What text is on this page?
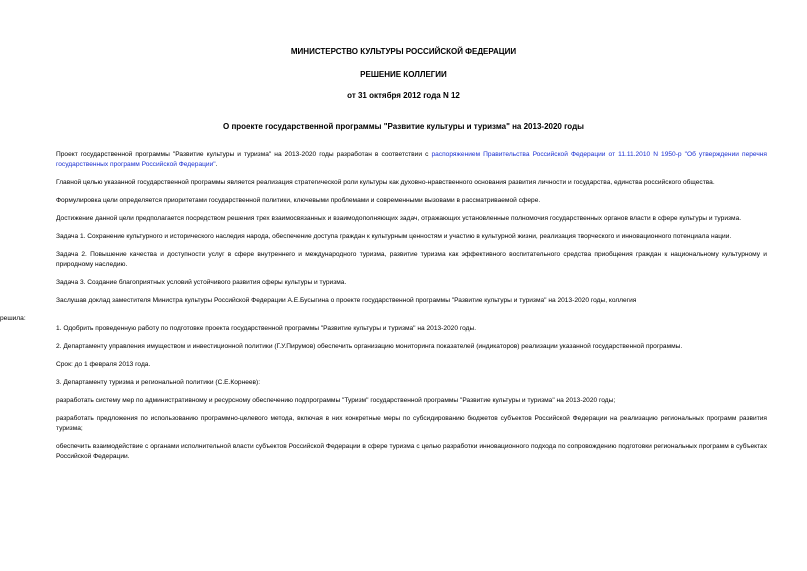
МИНИСТЕРСТВО КУЛЬТУРЫ РОССИЙСКОЙ ФЕДЕРАЦИИ
РЕШЕНИЕ КОЛЛЕГИИ
от 31 октября 2012 года N 12
О проекте государственной программы "Развитие культуры и туризма" на 2013-2020 годы

Проект государственной программы "Развитие культуры и туризма" на 2013-2020 годы разработан в соответствии с распоряжением Правительства Российской Федерации от 11.11.2010 N 1950-р "Об утверждении перечня государственных программ Российской Федерации".

Главной целью указанной государственной программы является реализация стратегической роли культуры как духовно-нравственного основания развития личности и государства, единства российского общества.

Формулировка цели определяется приоритетами государственной политики, ключевыми проблемами и современными вызовами в рассматриваемой сфере.

Достижение данной цели предполагается посредством решения трех взаимосвязанных и взаимодополняющих задач, отражающих установленные полномочия государственных органов власти в сфере культуры и туризма.

Задача 1. Сохранение культурного и исторического наследия народа, обеспечение доступа граждан к культурным ценностям и участию в культурной жизни, реализация творческого и инновационного потенциала нации.

Задача 2. Повышение качества и доступности услуг в сфере внутреннего и международного туризма, развитие туризма как эффективного воспитательного средства приобщения граждан к национальному культурному и природному наследию.

Задача 3. Создание благоприятных условий устойчивого развития сферы культуры и туризма.

Заслушав доклад заместителя Министра культуры Российской Федерации А.Е.Бусыгина о проекте государственной программы "Развитие культуры и туризма" на 2013-2020 годы, коллегия

решила:

1. Одобрить проведенную работу по подготовке проекта государственной программы "Развитие культуры и туризма" на 2013-2020 годы.

2. Департаменту управления имуществом и инвестиционной политики (Г.У.Пирумов) обеспечить организацию мониторинга показателей (индикаторов) реализации указанной государственной программы.

Срок: до 1 февраля 2013 года.

3. Департаменту туризма и региональной политики (С.Е.Корнеев):

разработать систему мер по административному и ресурсному обеспечению подпрограммы "Туризм" государственной программы "Развитие культуры и туризма" на 2013-2020 годы;

разработать предложения по использованию программно-целевого метода, включая в них конкретные меры по субсидированию бюджетов субъектов Российской Федерации на реализацию региональных программ развития туризма;

обеспечить взаимодействие с органами исполнительной власти субъектов Российской Федерации в сфере туризма с целью разработки инновационного подхода по сопровождению подготовки региональных программ в субъектах Российской Федерации.
